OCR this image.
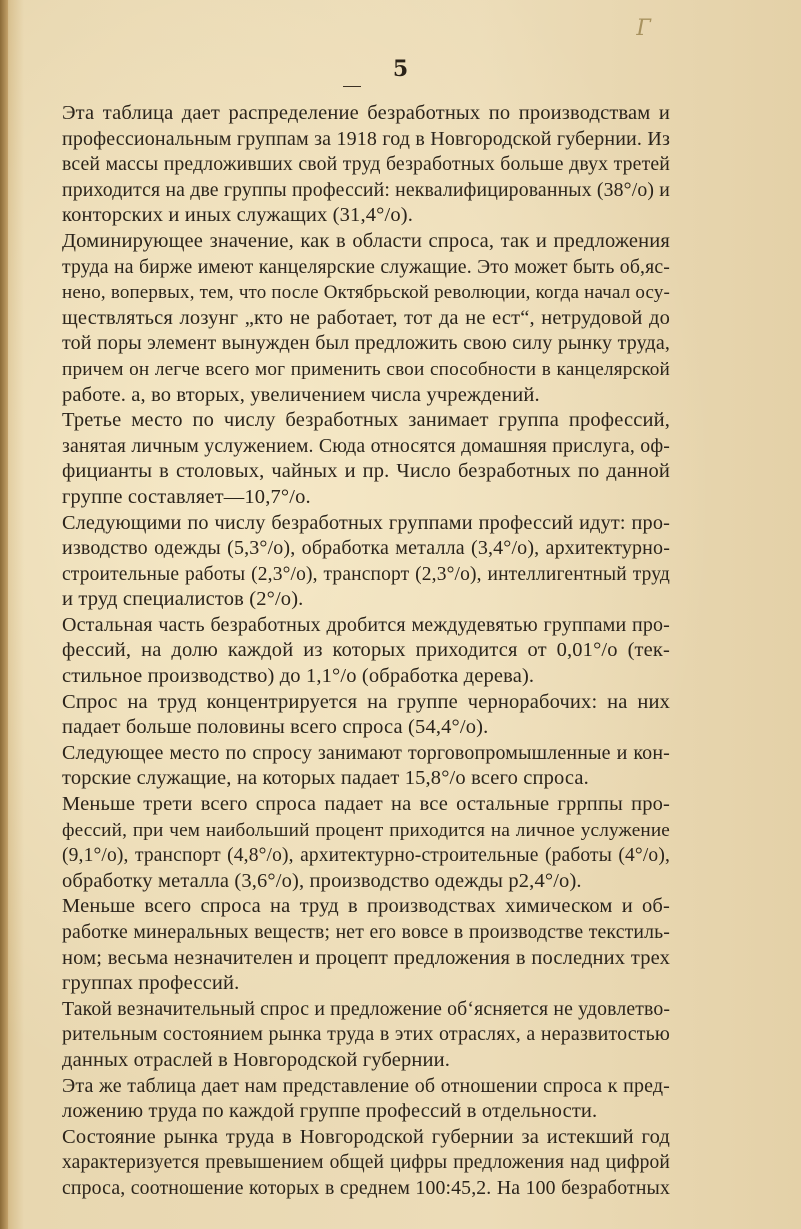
Г
5
Эта таблица дает распределение безработных по производствам и
профессиональным группам за 1918 год в Новгородской губернии. Из
всей массы предложивших свой труд безработных больше двух третей
приходится на две группы профессий: неквалифицированных (38°/о) и
конторских и иных служащих (31,4°/о).
Доминирующее значение, как в области спроса, так и предложения
труда на бирже имеют канцелярские служащие. Это может быть об,яс-
нено, вопервых, тем, что после Октябрьской революции, когда начал осу-
ществляться лозунг „кто не работает, тот да не ест“, нетрудовой до
той поры элемент вынужден был предложить свою силу рынку труда,
причем он легче всего мог применить свои способности в канцелярской
работе. а, во вторых, увеличением числа учреждений.
Третье место по числу безработных занимает группа профессий,
занятая личным услужением. Сюда относятся домашняя прислуга, оф-
фицианты в столовых, чайных и пр. Число безработных по данной
группе составляет—10,7°/о.
Следующими по числу безработных группами профессий идут: про-
изводство одежды (5,3°/о), обработка металла (3,4°/о), архитектурно-
строительные работы (2,3°/о), транспорт (2,3°/о), интеллигентный труд
и труд специалистов (2°/о).
Остальная часть безработных дробится междудевятью группами про-
фессий, на долю каждой из которых приходится от 0,01°/о (тек-
стильное производство) до 1,1°/о (обработка дерева).
Спрос на труд концентрируется на группе чернорабочих: на них
падает больше половины всего спроса (54,4°/о).
Следующее место по спросу занимают торговопромышленные и кон-
торские служащие, на которых падает 15,8°/о всего спроса.
Меньше трети всего спроса падает на все остальные гррппы про-
фессий, при чем наибольший процент приходится на личное услужение
(9,1°/о), транспорт (4,8°/о), архитектурно-строительные (работы (4°/о),
обработку металла (3,6°/о), производство одежды р2,4°/о).
Меньше всего спроса на труд в производствах химическом и об-
работке минеральных веществ; нет его вовсе в производстве текстиль-
ном; весьма незначителен и процепт предложения в последних трех
группах профессий.
Такой везначительный спрос и предложение об‘ясняется не удовлетво-
рительным состоянием рынка труда в этих отраслях, а неразвитостью
данных отраслей в Новгородской губернии.
Эта же таблица дает нам представление об отношении спроса к пред-
ложению труда по каждой группе профессий в отдельности.
Состояние рынка труда в Новгородской губернии за истекший год
характеризуется превышением общей цифры предложения над цифрой
спроса, соотношение которых в среднем 100:45,2. На 100 безработных
